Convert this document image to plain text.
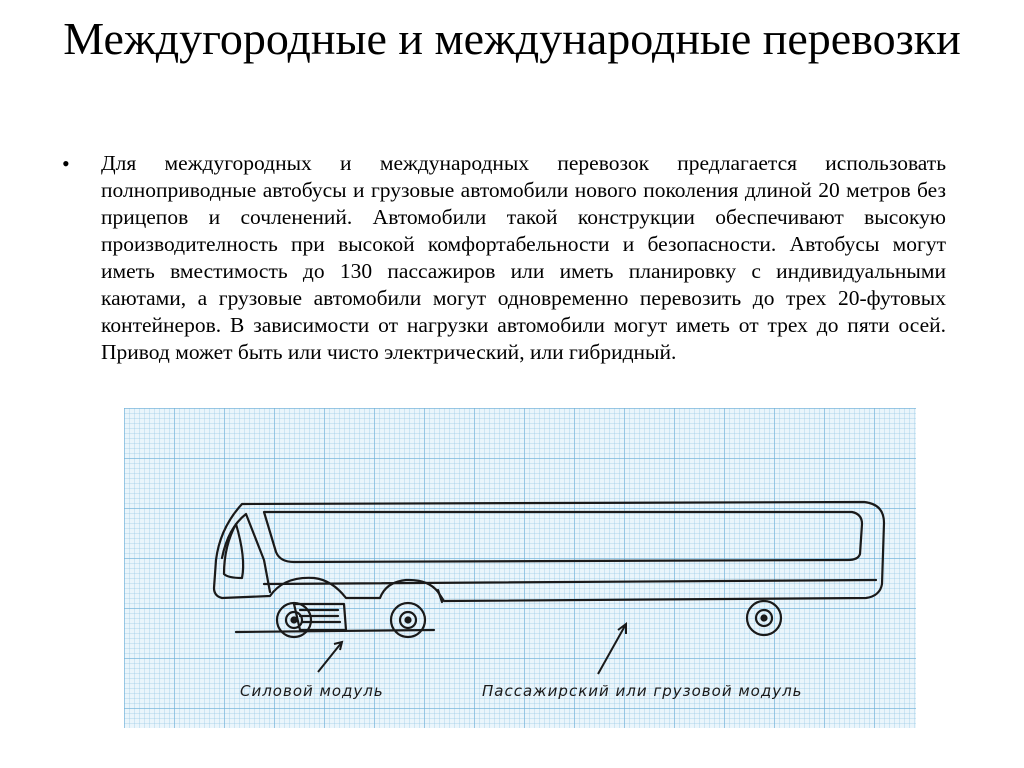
Междугородные и международные перевозки
• Для междугородных и международных перевозок предлагается использовать полноприводные автобусы и грузовые автомобили нового поколения длиной 20 метров без прицепов и сочленений. Автомобили такой конструкции обеспечивают высокую производителность при высокой комфортабельности и безопасности. Автобусы могут иметь вместимость до 130 пассажиров или иметь планировку с индивидуальными каютами, а грузовые автомобили могут одновременно перевозить до трех 20-футовых контейнеров. В зависимости от нагрузки автомобили могут иметь от трех до пяти осей. Привод может быть или чисто электрический, или гибридный.

Силовой модуль	Пассажирский или грузовой модуль
